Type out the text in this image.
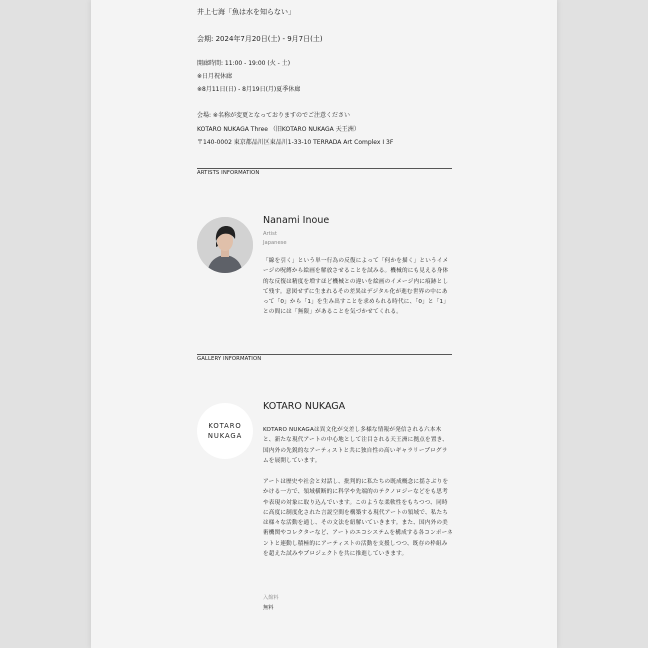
井上七海「魚は水を知らない」
会期: 2024年7月20日(土) - 9月7日(土)
開廊時間: 11:00 - 19:00 (火 - 土)
※日月祝休廊
※8月11日(日) - 8月19日(月)夏季休廊
会場: ※名称が変更となっておりますのでご注意ください
KOTARO NUKAGA Three （旧KOTARO NUKAGA 天王洲）
〒140-0002 東京都品川区東品川1-33-10 TERRADA Art Complex I 3F
ARTISTS INFORMATION
Nanami Inoue
Artist
Japanese
「線を引く」という単一行為の反復によって「何かを描く」というイメージの呪縛から絵画を解放させることを試みる。機械的にも見える身体的な反復は精度を増すほど機械との違いを絵画のイメージ内に痕跡として残す。意図せずに生まれるその差異はデジタル化が進む世界の中にあって「0」から「1」を生み出すことを求められる時代に、「0」と「1」との間には「無限」があることを気づかせてくれる。
GALLERY INFORMATION
KOTARO
NUKAGA
KOTARO NUKAGA
KOTARO NUKAGAは異文化が交差し多様な情報が発信される六本木と、新たな現代アートの中心地として注目される天王洲に拠点を置き、国内外の先鋭的なアーティストと共に独自性の高いギャラリープログラムを展開しています。
アートは歴史や社会と対話し、批判的に私たちの既成概念に揺さぶりをかける一方で、領域横断的に科学や先端的のテクノロジーなどをも思考や表現の対象に取り込んでいます。このような柔軟性をもちつつ、同時に高度に制度化された言説空間を構築する現代アートの領域で、私たちは様々な活動を通し、その文法を紐解いていきます。また、国内外の美術機関やコレクターなど、アートのエコシステムを構成する各コンポーネントと連動し積極的にアーティストの活動を支援しつつ、既存の枠組みを超えた試みやプロジェクトを共に推進していきます。
入館料
無料
